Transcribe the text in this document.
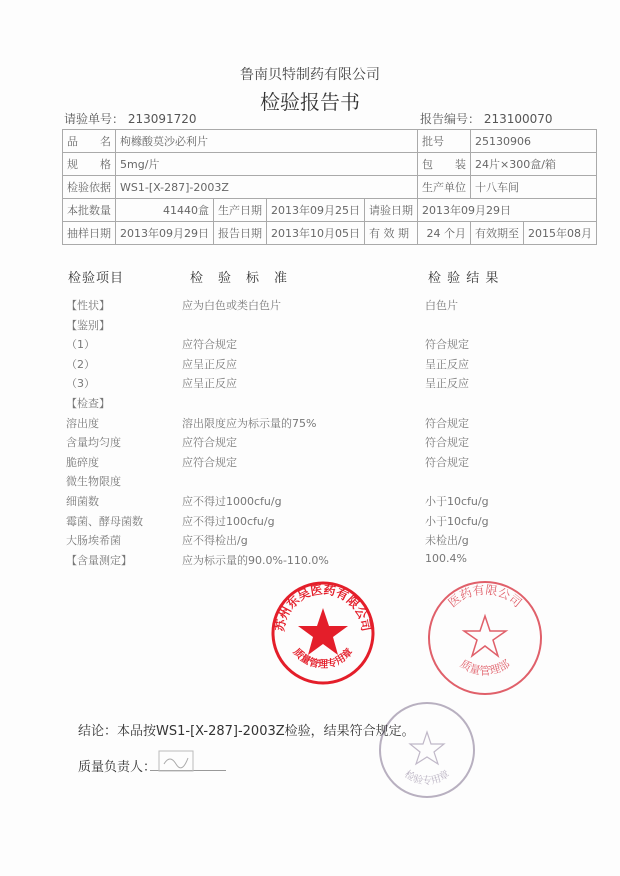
鲁南贝特制药有限公司
检验报告书
请验单号： 213091720	报告编号： 213100070
品　　名	枸橼酸莫沙必利片				批号	25130906	
规　　格	5mg/片				包　　装	24片×300盒/箱	
检验依据	WS1-[X-287]-2003Z				生产单位	十八车间	
本批数量	41440盒	生产日期	2013年09月25日	请验日期	2013年09月29日		
抽样日期	2013年09月29日	报告日期	2013年10月05日	有 效 期	24 个月	有效期至	2015年08月
检验项目	检　验　标　准	检 验 结 果
【性状】	应为白色或类白色片	白色片
【鉴别】
（1）	应符合规定	符合规定
（2）	应呈正反应	呈正反应
（3）	应呈正反应	呈正反应
【检查】
溶出度	溶出限度应为标示量的75%	符合规定
含量均匀度	应符合规定	符合规定
脆碎度	应符合规定	符合规定
微生物限度
细菌数	应不得过1000cfu/g	小于10cfu/g
霉菌、酵母菌数	应不得过100cfu/g	小于10cfu/g
大肠埃希菌	应不得检出/g	未检出/g
【含量测定】	应为标示量的90.0%-110.0%	100.4%
苏州东吴医药有限公司
质量管理专用章
医药有限公司
质量管理部
检验专用章
结论：本品按WS1-[X-287]-2003Z检验，结果符合规定。
质量负责人：
